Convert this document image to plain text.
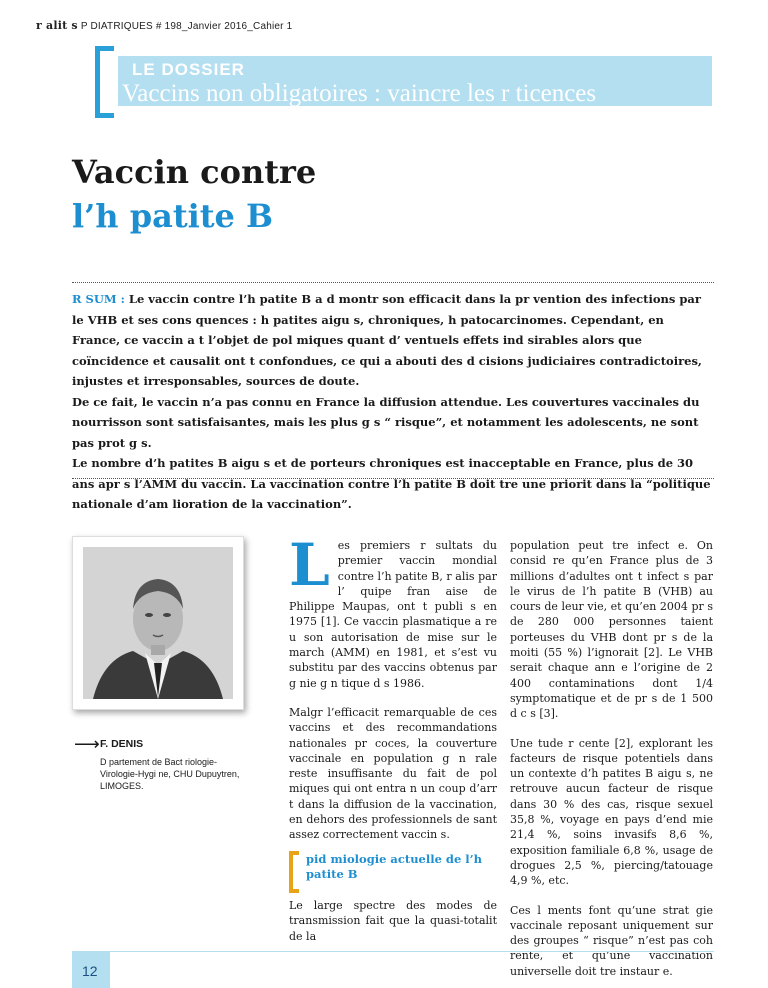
r alit s P DIATRIQUES # 198_Janvier 2016_Cahier 1
LE DOSSIER
Vaccins non obligatoires : vaincre les r ticences
Vaccin contre
l’h patite B

R SUM : Le vaccin contre l’h patite B a d montr son efficacit dans la pr vention des infections par le VHB et ses cons quences : h patites aigu s, chroniques, h patocarcinomes. Cependant, en France, ce vaccin a t l’objet de pol miques quant d’ ventuels effets ind sirables alors que coïncidence et causalit ont t confondues, ce qui a abouti des d cisions judiciaires contradictoires, injustes et irresponsables, sources de doute.

De ce fait, le vaccin n’a pas connu en France la diffusion attendue. Les couvertures vaccinales du nourrisson sont satisfaisantes, mais les plus g s “ risque”, et notamment les adolescents, ne sont pas prot g s.

Le nombre d’h patites B aigu s et de porteurs chroniques est inacceptable en France, plus de 30 ans apr s l’AMM du vaccin. La vaccination contre l’h patite B doit tre une priorit dans la “politique nationale d’am lioration de la vaccination”.

⟶ F. DENIS
D partement de Bact riologie-Virologie-Hygi ne, CHU Dupuytren, LIMOGES.

Les premiers r sultats du premier vaccin mondial contre l’h patite B, r alis par l’ quipe fran aise de Philippe Maupas, ont t publi s en 1975 [1]. Ce vaccin plasmatique a re u son autorisation de mise sur le march (AMM) en 1981, et s’est vu substitu par des vaccins obtenus par g nie g n tique d s 1986.

Malgr l’efficacit remarquable de ces vaccins et des recommandations nationales pr coces, la couverture vaccinale en population g n rale reste insuffisante du fait de pol miques qui ont entra n un coup d’arr t dans la diffusion de la vaccination, en dehors des professionnels de sant assez correctement vaccin s.

pid miologie actuelle de l’h patite B

Le large spectre des modes de transmission fait que la quasi-totalit de la

population peut tre infect e. On consid re qu’en France plus de 3 millions d’adultes ont t infect s par le virus de l’h patite B (VHB) au cours de leur vie, et qu’en 2004 pr s de 280 000 personnes taient porteuses du VHB dont pr s de la moiti (55 %) l’ignorait [2]. Le VHB serait chaque ann e l’origine de 2 400 contaminations dont 1/4 symptomatique et de pr s de 1 500 d c s [3].

Une tude r cente [2], explorant les facteurs de risque potentiels dans un contexte d’h patites B aigu s, ne retrouve aucun facteur de risque dans 30 % des cas, risque sexuel 35,8 %, voyage en pays d’end mie 21,4 %, soins invasifs 8,6 %, exposition familiale 6,8 %, usage de drogues 2,5 %, piercing/tatouage 4,9 %, etc.

Ces l ments font qu’une strat gie vaccinale reposant uniquement sur des groupes “ risque” n’est pas coh rente, et qu’une vaccination universelle doit tre instaur e.

12
